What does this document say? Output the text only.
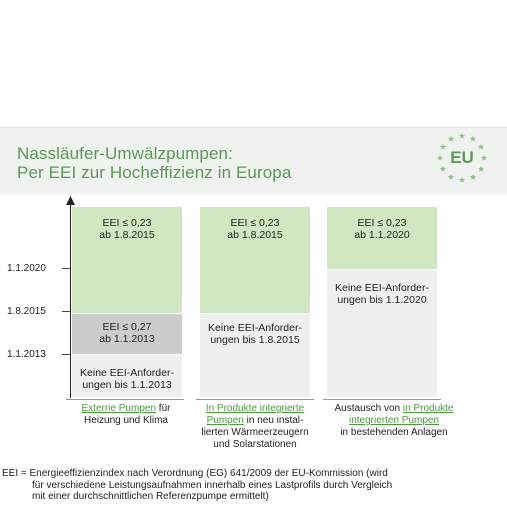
Nassläufer-Umwälzpumpen:
Per EEI zur Hocheffizienz in Europa
EU
1.1.2020
1.8.2015
1.1.2013
EEI ≤ 0,23
ab 1.8.2015
EEI ≤ 0,27
ab 1.1.2013
Keine EEI-Anforder-
ungen bis 1.1.2013
EEI ≤ 0,23
ab 1.8.2015
Keine EEI-Anforder-
ungen bis 1.8.2015
EEI ≤ 0,23
ab 1.1.2020
Keine EEI-Anforder-
ungen bis 1.1.2020
Externe Pumpen für
Heizung und Klima
In Produkte integrierte
Pumpen in neu instal-
lierten Wärmeerzeugern
und Solarstationen
Austausch von in Produkte
integrierten Pumpen
in bestehenden Anlagen
EEI = Energieeffizienzindex nach Verordnung (EG) 641/2009 der EU-Kommission (wird
für verschiedene Leistungsaufnahmen innerhalb eines Lastprofils durch Vergleich
mit einer durchschnittlichen Referenzpumpe ermittelt)
